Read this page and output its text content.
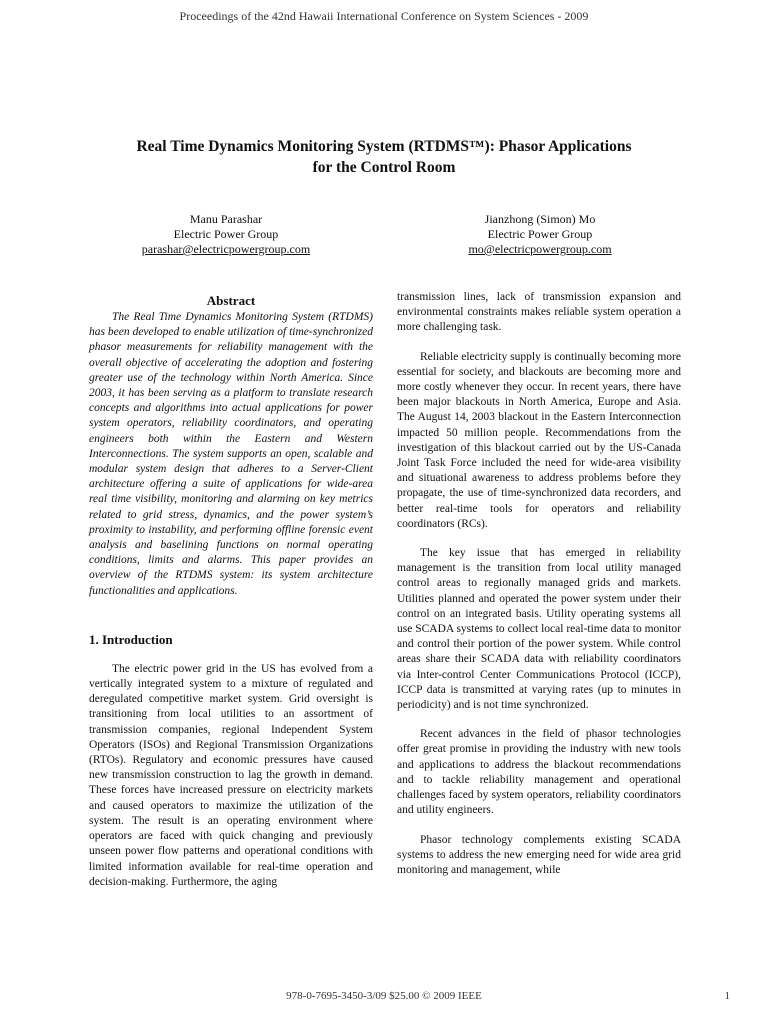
Proceedings of the 42nd Hawaii International Conference on System Sciences - 2009
Real Time Dynamics Monitoring System (RTDMS™): Phasor Applications
for the Control Room
Manu Parashar
Electric Power Group
parashar@electricpowergroup.com
Jianzhong (Simon) Mo
Electric Power Group
mo@electricpowergroup.com
Abstract

The Real Time Dynamics Monitoring System (RTDMS) has been developed to enable utilization of time-synchronized phasor measurements for reliability management with the overall objective of accelerating the adoption and fostering greater use of the technology within North America. Since 2003, it has been serving as a platform to translate research concepts and algorithms into actual applications for power system operators, reliability coordinators, and operating engineers both within the Eastern and Western Interconnections. The system supports an open, scalable and modular system design that adheres to a Server-Client architecture offering a suite of applications for wide-area real time visibility, monitoring and alarming on key metrics related to grid stress, dynamics, and the power system’s proximity to instability, and performing offline forensic event analysis and baselining functions on normal operating conditions, limits and alarms. This paper provides an overview of the RTDMS system: its system architecture functionalities and applications.

1. Introduction

The electric power grid in the US has evolved from a vertically integrated system to a mixture of regulated and deregulated competitive market system. Grid oversight is transitioning from local utilities to an assortment of transmission companies, regional Independent System Operators (ISOs) and Regional Transmission Organizations (RTOs). Regulatory and economic pressures have caused new transmission construction to lag the growth in demand. These forces have increased pressure on electricity markets and caused operators to maximize the utilization of the system. The result is an operating environment where operators are faced with quick changing and previously unseen power flow patterns and operational conditions with limited information available for real-time operation and decision-making. Furthermore, the aging

transmission lines, lack of transmission expansion and environmental constraints makes reliable system operation a more challenging task.

Reliable electricity supply is continually becoming more essential for society, and blackouts are becoming more and more costly whenever they occur. In recent years, there have been major blackouts in North America, Europe and Asia. The August 14, 2003 blackout in the Eastern Interconnection impacted 50 million people. Recommendations from the investigation of this blackout carried out by the US-Canada Joint Task Force included the need for wide-area visibility and situational awareness to address problems before they propagate, the use of time-synchronized data recorders, and better real-time tools for operators and reliability coordinators (RCs).

The key issue that has emerged in reliability management is the transition from local utility managed control areas to regionally managed grids and markets. Utilities planned and operated the power system under their control on an integrated basis. Utility operating systems all use SCADA systems to collect local real-time data to monitor and control their portion of the power system. While control areas share their SCADA data with reliability coordinators via Inter-control Center Communications Protocol (ICCP), ICCP data is transmitted at varying rates (up to minutes in periodicity) and is not time synchronized.

Recent advances in the field of phasor technologies offer great promise in providing the industry with new tools and applications to address the blackout recommendations and to tackle reliability management and operational challenges faced by system operators, reliability coordinators and utility engineers.

Phasor technology complements existing SCADA systems to address the new emerging need for wide area grid monitoring and management, while

978-0-7695-3450-3/09 $25.00 © 2009 IEEE	1
